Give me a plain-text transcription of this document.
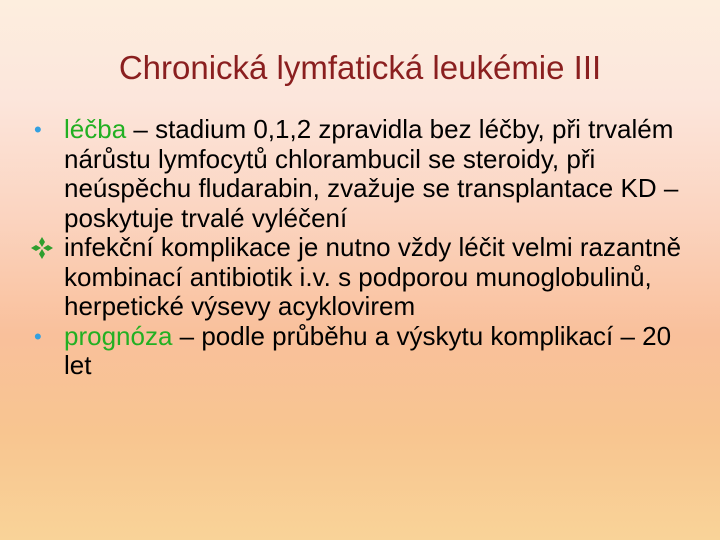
Chronická lymfatická leukémie III

• léčba – stadium 0,1,2 zpravidla bez léčby, při trvalém nárůstu lymfocytů chlorambucil se steroidy, při neúspěchu fludarabin, zvažuje se transplantace KD – poskytuje trvalé vyléčení

infekční komplikace je nutno vždy léčit velmi razantně kombinací antibiotik i.v. s podporou munoglobulinů, herpetické výsevy acyklovirem

• prognóza – podle průběhu a výskytu komplikací – 20 let
